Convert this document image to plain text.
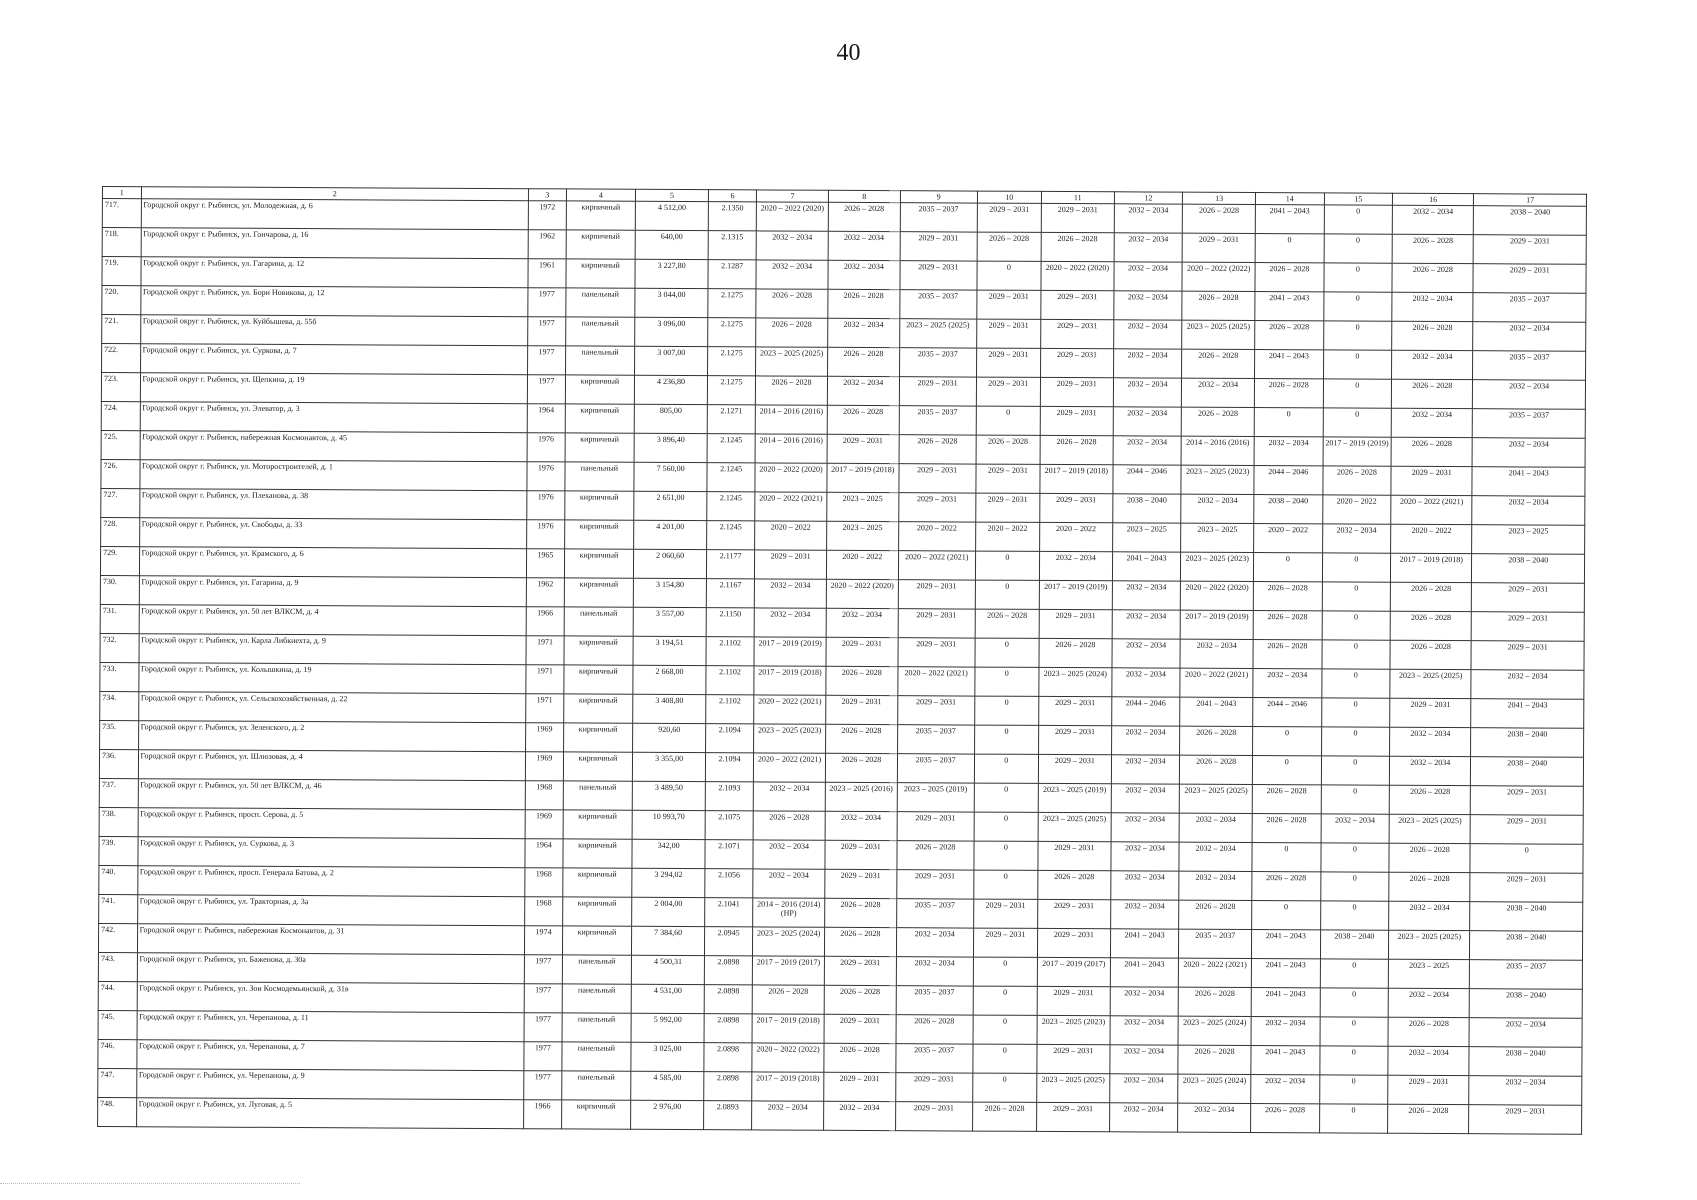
40
1	2	3	4	5	6	7	8	9	10	11	12	13	14	15	16	17
717.	Городской округ г. Рыбинск, ул. Молодежная, д. 6	1972	кирпичный	4 512,00	2.1350	2020 – 2022 (2020)	2026 – 2028	2035 – 2037	2029 – 2031	2029 – 2031	2032 – 2034	2026 – 2028	2041 – 2043	0	2032 – 2034	2038 – 2040
718.	Городской округ г. Рыбинск, ул. Гончарова, д. 16	1962	кирпичный	640,00	2.1315	2032 – 2034	2032 – 2034	2029 – 2031	2026 – 2028	2026 – 2028	2032 – 2034	2029 – 2031	0	0	2026 – 2028	2029 – 2031
719.	Городской округ г. Рыбинск, ул. Гагарина, д. 12	1961	кирпичный	3 227,80	2.1287	2032 – 2034	2032 – 2034	2029 – 2031	0	2020 – 2022 (2020)	2032 – 2034	2020 – 2022 (2022)	2026 – 2028	0	2026 – 2028	2029 – 2031
720.	Городской округ г. Рыбинск, ул. Бори Новикова, д. 12	1977	панельный	3 044,00	2.1275	2026 – 2028	2026 – 2028	2035 – 2037	2029 – 2031	2029 – 2031	2032 – 2034	2026 – 2028	2041 – 2043	0	2032 – 2034	2035 – 2037
721.	Городской округ г. Рыбинск, ул. Куйбышева, д. 55б	1977	панельный	3 096,00	2.1275	2026 – 2028	2032 – 2034	2023 – 2025 (2025)	2029 – 2031	2029 – 2031	2032 – 2034	2023 – 2025 (2025)	2026 – 2028	0	2026 – 2028	2032 – 2034
722.	Городской округ г. Рыбинск, ул. Суркова, д. 7	1977	панельный	3 007,00	2.1275	2023 – 2025 (2025)	2026 – 2028	2035 – 2037	2029 – 2031	2029 – 2031	2032 – 2034	2026 – 2028	2041 – 2043	0	2032 – 2034	2035 – 2037
723.	Городской округ г. Рыбинск, ул. Щепкина, д. 19	1977	кирпичный	4 236,80	2.1275	2026 – 2028	2032 – 2034	2029 – 2031	2029 – 2031	2029 – 2031	2032 – 2034	2032 – 2034	2026 – 2028	0	2026 – 2028	2032 – 2034
724.	Городской округ г. Рыбинск, ул. Элеватор, д. 3	1964	кирпичный	805,00	2.1271	2014 – 2016 (2016)	2026 – 2028	2035 – 2037	0	2029 – 2031	2032 – 2034	2026 – 2028	0	0	2032 – 2034	2035 – 2037
725.	Городской округ г. Рыбинск, набережная Космонавтов, д. 45	1976	кирпичный	3 896,40	2.1245	2014 – 2016 (2016)	2029 – 2031	2026 – 2028	2026 – 2028	2026 – 2028	2032 – 2034	2014 – 2016 (2016)	2032 – 2034	2017 – 2019 (2019)	2026 – 2028	2032 – 2034
726.	Городской округ г. Рыбинск, ул. Моторостроителей, д. 1	1976	панельный	7 560,00	2.1245	2020 – 2022 (2020)	2017 – 2019 (2018)	2029 – 2031	2029 – 2031	2017 – 2019 (2018)	2044 – 2046	2023 – 2025 (2023)	2044 – 2046	2026 – 2028	2029 – 2031	2041 – 2043
727.	Городской округ г. Рыбинск, ул. Плеханова, д. 38	1976	кирпичный	2 651,00	2.1245	2020 – 2022 (2021)	2023 – 2025	2029 – 2031	2029 – 2031	2029 – 2031	2038 – 2040	2032 – 2034	2038 – 2040	2020 – 2022	2020 – 2022 (2021)	2032 – 2034
728.	Городской округ г. Рыбинск, ул. Свободы, д. 33	1976	кирпичный	4 201,00	2.1245	2020 – 2022	2023 – 2025	2020 – 2022	2020 – 2022	2020 – 2022	2023 – 2025	2023 – 2025	2020 – 2022	2032 – 2034	2020 – 2022	2023 – 2025
729.	Городской округ г. Рыбинск, ул. Крамского, д. 6	1965	кирпичный	2 060,60	2.1177	2029 – 2031	2020 – 2022	2020 – 2022 (2021)	0	2032 – 2034	2041 – 2043	2023 – 2025 (2023)	0	0	2017 – 2019 (2018)	2038 – 2040
730.	Городской округ г. Рыбинск, ул. Гагарина, д. 9	1962	кирпичный	3 154,80	2.1167	2032 – 2034	2020 – 2022 (2020)	2029 – 2031	0	2017 – 2019 (2019)	2032 – 2034	2020 – 2022 (2020)	2026 – 2028	0	2026 – 2028	2029 – 2031
731.	Городской округ г. Рыбинск, ул. 50 лет ВЛКСМ, д. 4	1966	панельный	3 557,00	2.1150	2032 – 2034	2032 – 2034	2029 – 2031	2026 – 2028	2029 – 2031	2032 – 2034	2017 – 2019 (2019)	2026 – 2028	0	2026 – 2028	2029 – 2031
732.	Городской округ г. Рыбинск, ул. Карла Либкнехта, д. 9	1971	кирпичный	3 194,51	2.1102	2017 – 2019 (2019)	2029 – 2031	2029 – 2031	0	2026 – 2028	2032 – 2034	2032 – 2034	2026 – 2028	0	2026 – 2028	2029 – 2031
733.	Городской округ г. Рыбинск, ул. Колышкина, д. 19	1971	кирпичный	2 668,00	2.1102	2017 – 2019 (2018)	2026 – 2028	2020 – 2022 (2021)	0	2023 – 2025 (2024)	2032 – 2034	2020 – 2022 (2021)	2032 – 2034	0	2023 – 2025 (2025)	2032 – 2034
734.	Городской округ г. Рыбинск, ул. Сельскохозяйственная, д. 22	1971	кирпичный	3 408,80	2.1102	2020 – 2022 (2021)	2029 – 2031	2029 – 2031	0	2029 – 2031	2044 – 2046	2041 – 2043	2044 – 2046	0	2029 – 2031	2041 – 2043
735.	Городской округ г. Рыбинск, ул. Зеленского, д. 2	1969	кирпичный	920,60	2.1094	2023 – 2025 (2023)	2026 – 2028	2035 – 2037	0	2029 – 2031	2032 – 2034	2026 – 2028	0	0	2032 – 2034	2038 – 2040
736.	Городской округ г. Рыбинск, ул. Шлюзовая, д. 4	1969	кирпичный	3 355,00	2.1094	2020 – 2022 (2021)	2026 – 2028	2035 – 2037	0	2029 – 2031	2032 – 2034	2026 – 2028	0	0	2032 – 2034	2038 – 2040
737.	Городской округ г. Рыбинск, ул. 50 лет ВЛКСМ, д. 46	1968	панельный	3 489,50	2.1093	2032 – 2034	2023 – 2025 (2016)	2023 – 2025 (2019)	0	2023 – 2025 (2019)	2032 – 2034	2023 – 2025 (2025)	2026 – 2028	0	2026 – 2028	2029 – 2031
738.	Городской округ г. Рыбинск, просп. Серова, д. 5	1969	кирпичный	10 993,70	2.1075	2026 – 2028	2032 – 2034	2029 – 2031	0	2023 – 2025 (2025)	2032 – 2034	2032 – 2034	2026 – 2028	2032 – 2034	2023 – 2025 (2025)	2029 – 2031
739.	Городской округ г. Рыбинск, ул. Суркова, д. 3	1964	кирпичный	342,00	2.1071	2032 – 2034	2029 – 2031	2026 – 2028	0	2029 – 2031	2032 – 2034	2032 – 2034	0	0	2026 – 2028	0
740.	Городской округ г. Рыбинск, просп. Генерала Батова, д. 2	1968	кирпичный	3 294,02	2.1056	2032 – 2034	2029 – 2031	2029 – 2031	0	2026 – 2028	2032 – 2034	2032 – 2034	2026 – 2028	0	2026 – 2028	2029 – 2031
741.	Городской округ г. Рыбинск, ул. Тракторная, д. 3а	1968	кирпичный	2 004,00	2.1041	2014 – 2016 (2014) (НР)	2026 – 2028	2035 – 2037	2029 – 2031	2029 – 2031	2032 – 2034	2026 – 2028	0	0	2032 – 2034	2038 – 2040
742.	Городской округ г. Рыбинск, набережная Космонавтов, д. 31	1974	кирпичный	7 384,60	2.0945	2023 – 2025 (2024)	2026 – 2028	2032 – 2034	2029 – 2031	2029 – 2031	2041 – 2043	2035 – 2037	2041 – 2043	2038 – 2040	2023 – 2025 (2025)	2038 – 2040
743.	Городской округ г. Рыбинск, ул. Баженова, д. 30а	1977	панельный	4 500,31	2.0898	2017 – 2019 (2017)	2029 – 2031	2032 – 2034	0	2017 – 2019 (2017)	2041 – 2043	2020 – 2022 (2021)	2041 – 2043	0	2023 – 2025	2035 – 2037
744.	Городской округ г. Рыбинск, ул. Зои Космодемьянской, д. 31в	1977	панельный	4 531,00	2.0898	2026 – 2028	2026 – 2028	2035 – 2037	0	2029 – 2031	2032 – 2034	2026 – 2028	2041 – 2043	0	2032 – 2034	2038 – 2040
745.	Городской округ г. Рыбинск, ул. Черепанова, д. 11	1977	панельный	5 992,00	2.0898	2017 – 2019 (2018)	2029 – 2031	2026 – 2028	0	2023 – 2025 (2023)	2032 – 2034	2023 – 2025 (2024)	2032 – 2034	0	2026 – 2028	2032 – 2034
746.	Городской округ г. Рыбинск, ул. Черепанова, д. 7	1977	панельный	3 025,00	2.0898	2020 – 2022 (2022)	2026 – 2028	2035 – 2037	0	2029 – 2031	2032 – 2034	2026 – 2028	2041 – 2043	0	2032 – 2034	2038 – 2040
747.	Городской округ г. Рыбинск, ул. Черепанова, д. 9	1977	панельный	4 585,00	2.0898	2017 – 2019 (2018)	2029 – 2031	2029 – 2031	0	2023 – 2025 (2025)	2032 – 2034	2023 – 2025 (2024)	2032 – 2034	0	2029 – 2031	2032 – 2034
748.	Городской округ г. Рыбинск, ул. Луговая, д. 5	1966	кирпичный	2 976,00	2.0893	2032 – 2034	2032 – 2034	2029 – 2031	2026 – 2028	2029 – 2031	2032 – 2034	2032 – 2034	2026 – 2028	0	2026 – 2028	2029 – 2031
